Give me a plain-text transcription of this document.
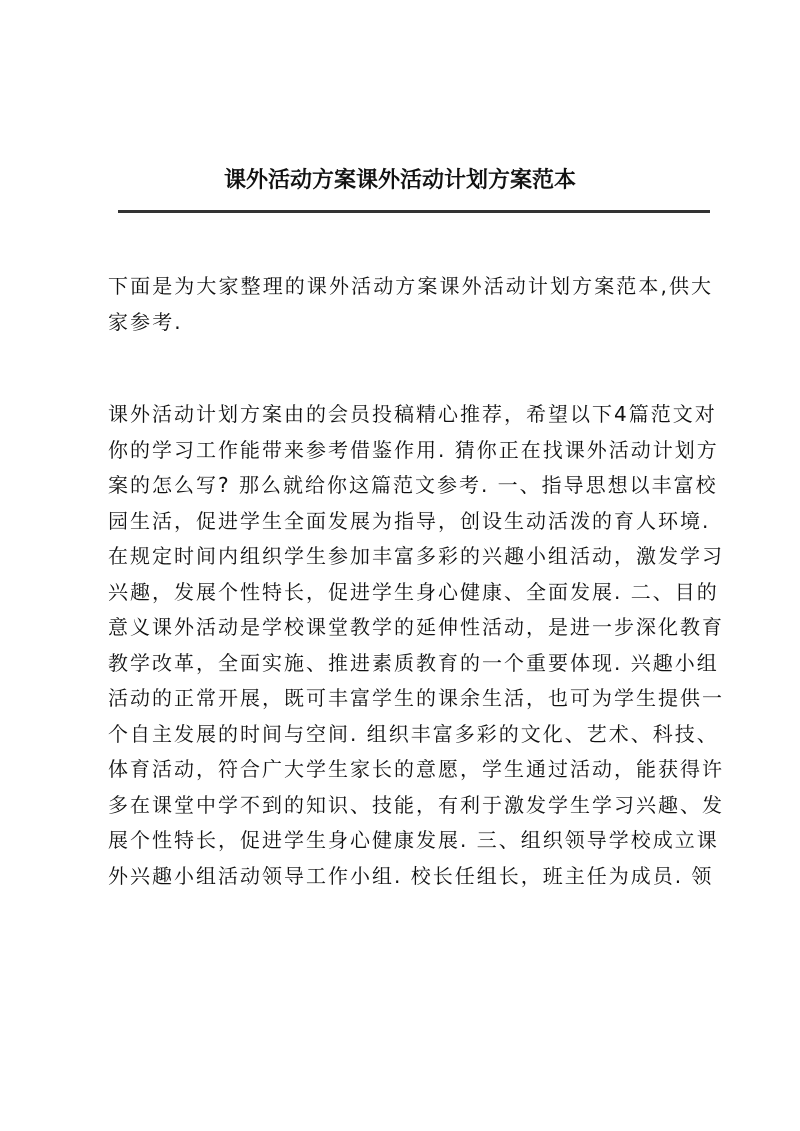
课外活动方案课外活动计划方案范本
下面是为大家整理的课外活动方案课外活动计划方案范本,供大
家参考.
课外活动计划方案由的会员投稿精心推荐，希望以下4篇范文对
你的学习工作能带来参考借鉴作用. 猜你正在找课外活动计划方
案的怎么写? 那么就给你这篇范文参考. 一、指导思想以丰富校
园生活，促进学生全面发展为指导，创设生动活泼的育人环境.
在规定时间内组织学生参加丰富多彩的兴趣小组活动，激发学习
兴趣，发展个性特长，促进学生身心健康、全面发展. 二、目的
意义课外活动是学校课堂教学的延伸性活动，是进一步深化教育
教学改革，全面实施、推进素质教育的一个重要体现. 兴趣小组
活动的正常开展，既可丰富学生的课余生活，也可为学生提供一
个自主发展的时间与空间. 组织丰富多彩的文化、艺术、科技、
体育活动，符合广大学生家长的意愿，学生通过活动，能获得许
多在课堂中学不到的知识、技能，有利于激发学生学习兴趣、发
展个性特长，促进学生身心健康发展. 三、组织领导学校成立课
外兴趣小组活动领导工作小组. 校长任组长，班主任为成员. 领
